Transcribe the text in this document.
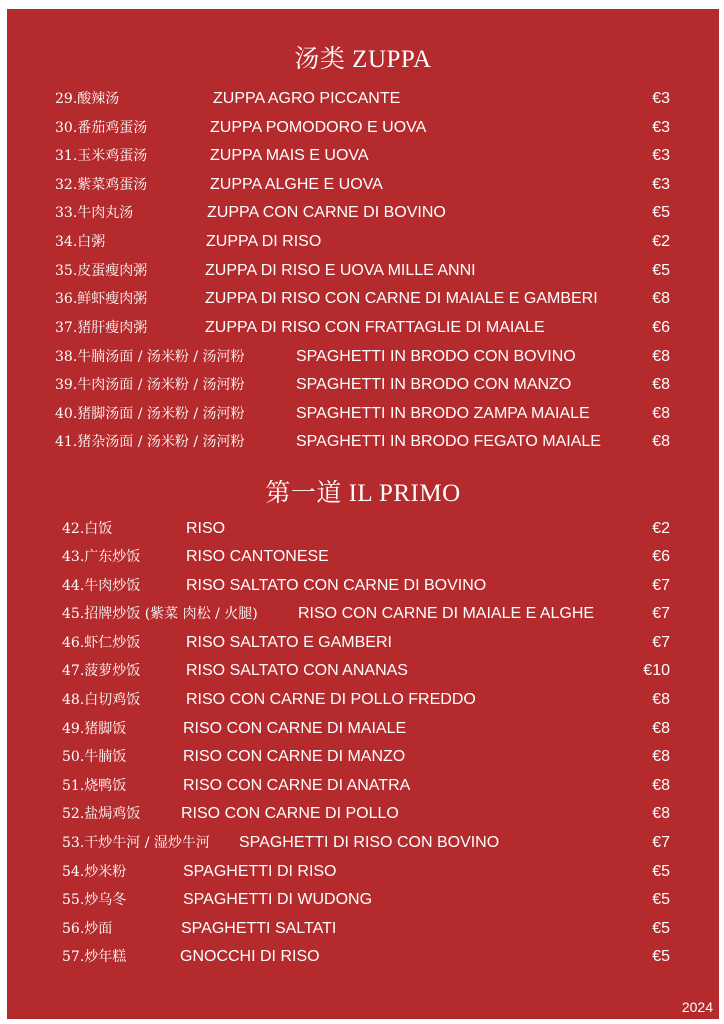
汤类 ZUPPA
29.酸辣汤	ZUPPA AGRO PICCANTE	€3
30.番茄鸡蛋汤	ZUPPA POMODORO E UOVA	€3
31.玉米鸡蛋汤	ZUPPA MAIS E UOVA	€3
32.紫菜鸡蛋汤	ZUPPA ALGHE E UOVA	€3
33.牛肉丸汤	ZUPPA CON CARNE DI BOVINO	€5
34.白粥	ZUPPA DI RISO	€2
35.皮蛋瘦肉粥	ZUPPA DI RISO E UOVA MILLE ANNI	€5
36.鲜虾瘦肉粥	ZUPPA DI RISO CON CARNE DI MAIALE E GAMBERI	€8
37.猪肝瘦肉粥	ZUPPA DI RISO CON FRATTAGLIE DI MAIALE	€6
38.牛腩汤面 / 汤米粉 / 汤河粉	SPAGHETTI IN BRODO CON BOVINO	€8
39.牛肉汤面 / 汤米粉 / 汤河粉	SPAGHETTI IN BRODO CON MANZO	€8
40.猪脚汤面 / 汤米粉 / 汤河粉	SPAGHETTI IN BRODO ZAMPA MAIALE	€8
41.猪杂汤面 / 汤米粉 / 汤河粉	SPAGHETTI IN BRODO FEGATO MAIALE	€8
第一道 IL PRIMO
42.白饭	RISO	€2
43.广东炒饭	RISO CANTONESE	€6
44.牛肉炒饭	RISO SALTATO CON CARNE DI BOVINO	€7
45.招牌炒饭 (紫菜 肉松 / 火腿)	RISO CON CARNE DI MAIALE E ALGHE	€7
46.虾仁炒饭	RISO SALTATO E GAMBERI	€7
47.菠萝炒饭	RISO SALTATO CON ANANAS	€10
48.白切鸡饭	RISO CON CARNE DI POLLO FREDDO	€8
49.猪脚饭	RISO CON CARNE DI MAIALE	€8
50.牛腩饭	RISO CON CARNE DI MANZO	€8
51.烧鸭饭	RISO CON CARNE DI ANATRA	€8
52.盐焗鸡饭	RISO CON CARNE DI POLLO	€8
53.干炒牛河 / 湿炒牛河 SPAGHETTI DI RISO CON BOVINO	€7
54.炒米粉	SPAGHETTI DI RISO	€5
55.炒乌冬	SPAGHETTI DI WUDONG	€5
56.炒面	SPAGHETTI SALTATI	€5
57.炒年糕	GNOCCHI DI RISO	€5
2024
